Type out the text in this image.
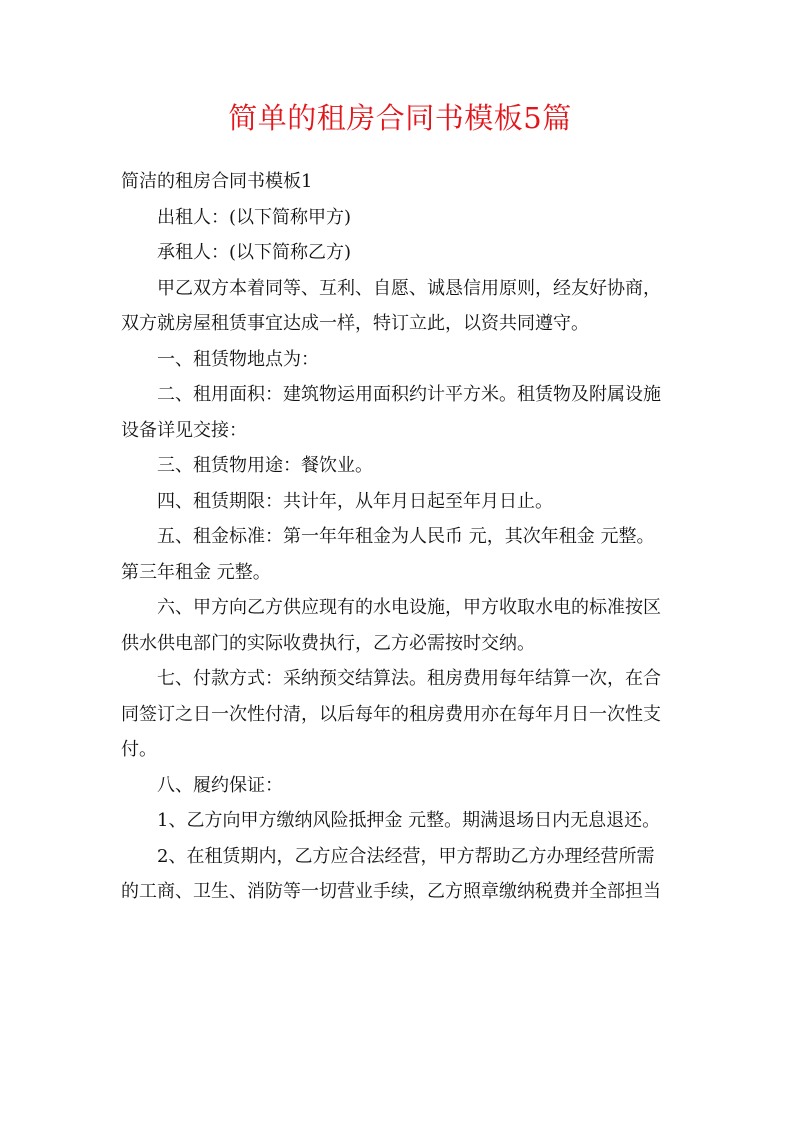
简单的租房合同书模板5篇

简洁的租房合同书模板1

出租人：(以下简称甲方)

承租人：(以下简称乙方)

甲乙双方本着同等、互利、自愿、诚恳信用原则，经友好协商，
双方就房屋租赁事宜达成一样，特订立此，以资共同遵守。

一、租赁物地点为：

二、租用面积：建筑物运用面积约计平方米。租赁物及附属设施
设备详见交接：

三、租赁物用途：餐饮业。

四、租赁期限：共计年，从年月日起至年月日止。

五、租金标准：第一年年租金为人民币 元，其次年租金 元整。
第三年租金 元整。

六、甲方向乙方供应现有的水电设施，甲方收取水电的标准按区
供水供电部门的实际收费执行，乙方必需按时交纳。

七、付款方式：采纳预交结算法。租房费用每年结算一次，在合
同签订之日一次性付清，以后每年的租房费用亦在每年月日一次性支
付。

八、履约保证：

1、乙方向甲方缴纳风险抵押金 元整。期满退场日内无息退还。

2、在租赁期内，乙方应合法经营，甲方帮助乙方办理经营所需
的工商、卫生、消防等一切营业手续，乙方照章缴纳税费并全部担当
